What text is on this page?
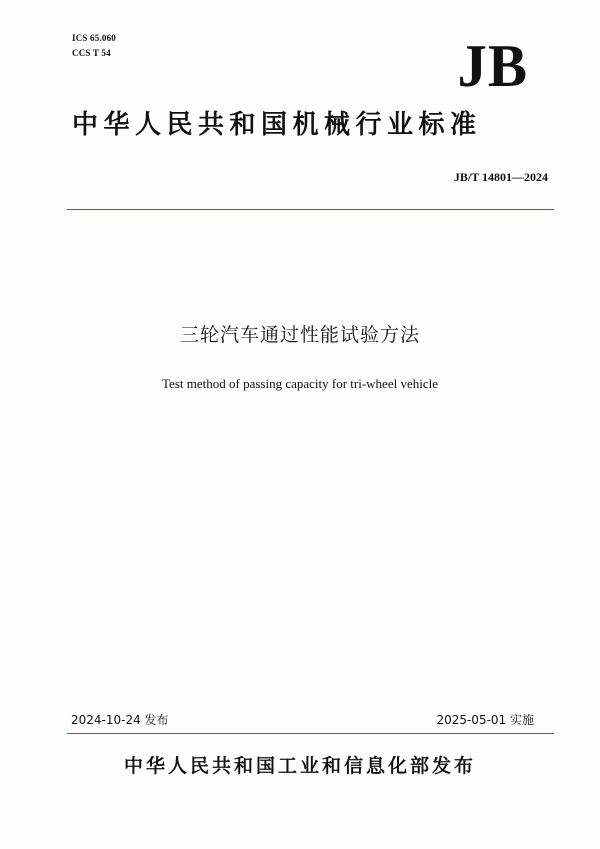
ICS 65.060
CCS T 54	JB
中华人民共和国机械行业标准
JB/T 14801—2024
三轮汽车通过性能试验方法
Test method of passing capacity for tri-wheel vehicle
2024-10-24 发布	2025-05-01 实施
中华人民共和国工业和信息化部发布
